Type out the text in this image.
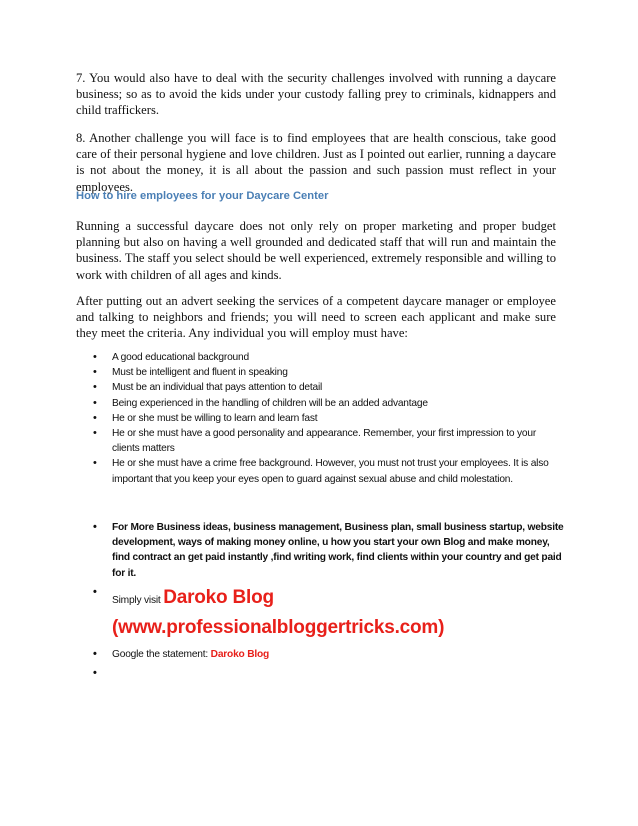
7. You would also have to deal with the security challenges involved with running a daycare business; so as to avoid the kids under your custody falling prey to criminals, kidnappers and child traffickers.

8. Another challenge you will face is to find employees that are health conscious, take good care of their personal hygiene and love children. Just as I pointed out earlier, running a daycare is not about the money, it is all about the passion and such passion must reflect in your employees.

How to hire employees for your Daycare Center

Running a successful daycare does not only rely on proper marketing and proper budget planning but also on having a well grounded and dedicated staff that will run and maintain the business. The staff you select should be well experienced, extremely responsible and willing to work with children of all ages and kinds.

After putting out an advert seeking the services of a competent daycare manager or employee and talking to neighbors and friends; you will need to screen each applicant and make sure they meet the criteria. Any individual you will employ must have:

• A good educational background
• Must be intelligent and fluent in speaking
• Must be an individual that pays attention to detail
• Being experienced in the handling of children will be an added advantage
• He or she must be willing to learn and learn fast
• He or she must have a good personality and appearance. Remember, your first impression to your clients matters
• He or she must have a crime free background. However, you must not trust your employees. It is also important that you keep your eyes open to guard against sexual abuse and child molestation.
• For More Business ideas, business management, Business plan, small business startup, website development, ways of making money online, u how you start your own Blog and make money, find contract an get paid instantly ,find writing work, find clients within your country and get paid for it.
• Simply visit Daroko Blog
(www.professionalbloggertricks.com)
• Google the statement: Daroko Blog
•
